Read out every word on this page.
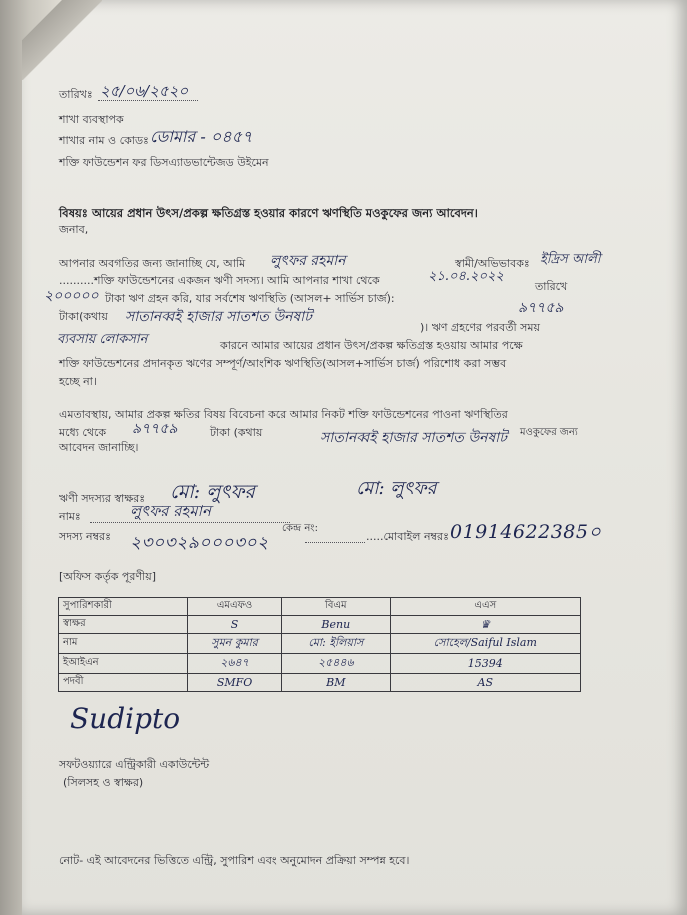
তারিখঃ ২৫/০৬/২৫২০
শাখা ব্যবস্থাপক
শাখার নাম ও কোডঃ ডোমার - ০৪৫৭
শক্তি ফাউন্ডেশন ফর ডিসএ্যাডভান্টেজড উইমেন
বিষয়ঃ আয়ের প্রধান উৎস/প্রকল্প ক্ষতিগ্রস্ত হওয়ার কারণে ঋণস্থিতি মওকুফের জন্য আবেদন।
জনাব,
আপনার অবগতির জন্য জানাচ্ছি যে, আমি লুৎফর রহমান	স্বামী/অভিভাবকঃ ইদ্রিস আলী
..........শক্তি ফাউন্ডেশনের একজন ঋণী সদস্য। আমি আপনার শাখা থেকে	২১.০৪.২০২২
তারিখে
২০০০০০ টাকা ঋণ গ্রহন করি, যার সর্বশেষ ঋণস্থিতি (আসল+ সার্ভিস চার্জ):
৯৭৭৫৯
টাকা(কথায় সাতানব্বই হাজার সাতশত উনষাট
)। ঋণ গ্রহণের পরবর্তী সময়
ব্যবসায় লোকসান	কারনে আমার আয়ের প্রধান উৎস/প্রকল্প ক্ষতিগ্রস্ত হওয়ায় আমার পক্ষে
শক্তি ফাউন্ডেশনের প্রদানকৃত ঋণের সম্পূর্ণ/আংশিক ঋণস্থিতি(আসল+সার্ভিস চার্জ) পরিশোধ করা সম্ভব
হচ্ছে না।
এমতাবস্থায়, আমার প্রকল্প ক্ষতির বিষয় বিবেচনা করে আমার নিকট শক্তি ফাউন্ডেশনের পাওনা ঋণস্থিতির
মধ্যে থেকে ৯৭৭৫৯	টাকা (কথায়	সাতানব্বই হাজার সাতশত উনষাট মওকুফের জন্য
আবেদন জানাচ্ছি।
ঋণী সদস্যর স্বাক্ষরঃ মো: লুৎফর	মো: লুৎফর
নামঃ	লুৎফর রহমান
সদস্য নম্বরঃ ২৩০৩২৯০০০৩০২
কেন্দ্র নং:
.....মোবাইল নম্বরঃ 01914622385০
[অফিস কর্তৃক পূরণীয়]
সুপারিশকারী	এমএফও	বিএম	এএস
স্বাক্ষর	S	Benu	♛
নাম	সুমন কুমার	মো: ইলিয়াস	সোহেল/Saiful Islam
ইআইএন	২৬৪৭	২৫৪৪৬	15394
পদবী	SMFO	BM	AS
Sudipto
সফটওয়্যারে এন্ট্রিকারী একাউন্টেন্ট
(সিলসহ ও স্বাক্ষর)
নোট- এই আবেদনের ভিত্তিতে এন্ট্রি, সুপারিশ এবং অনুমোদন প্রক্রিয়া সম্পন্ন হবে।
